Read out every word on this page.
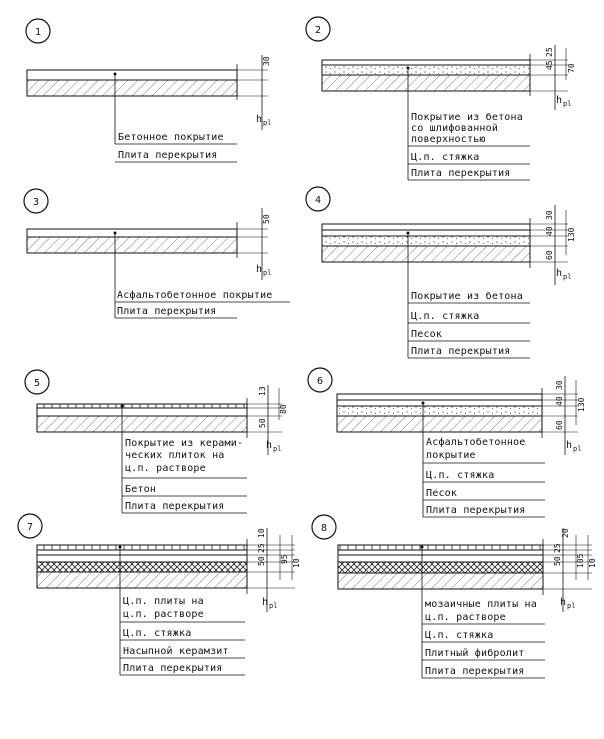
1
30
h pl
Бетонное покрытие
Плита перекрытия
2
25
45 70
h pl
Покрытие из бетона
со шлифованной
поверхностью
Ц.п. стяжка
Плита перекрытия
3
50
h pl
Асфальтобетонное покрытие
Плита перекрытия
4
30
40 130
60
h pl
Покрытие из бетона
Ц.п. стяжка
Песок
Плита перекрытия
5
13
80
50
h pl
Покрытие из керами-
ческих плиток на
ц.п. растворе
Бетон
Плита перекрытия
6	30
40 130
60
h pl
Асфальтобетонное
покрытие
Ц.п. стяжка
Песок
Плита перекрытия
7
10
25
50 95 10
h pl
Ц.п. плиты на
ц.п. растворе
Ц.п. стяжка
Насыпной керамзит
Плита перекрытия
8	20
25
50 105 10
h pl
мозаичные плиты на
ц.п. растворе
Ц.п. стяжка
Плитный фибролит
Плита перекрытия
